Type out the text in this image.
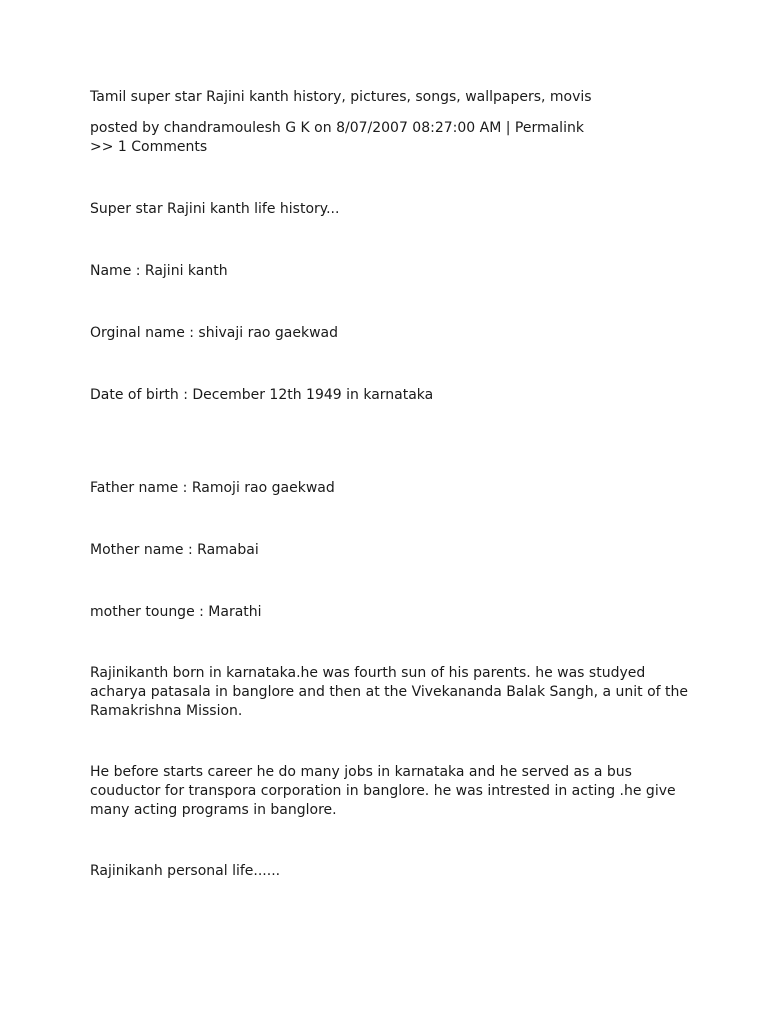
Tamil super star Rajini kanth history, pictures, songs, wallpapers, movis

posted by chandramoulesh G K on 8/07/2007 08:27:00 AM | Permalink

>> 1 Comments

Super star Rajini kanth life history...

Name : Rajini kanth

Orginal name : shivaji rao gaekwad

Date of birth : December 12th 1949 in karnataka

Father name : Ramoji rao gaekwad

Mother name : Ramabai

mother tounge : Marathi

Rajinikanth born in karnataka.he was fourth sun of his parents. he was studyed acharya patasala in banglore and then at the Vivekananda Balak Sangh, a unit of the Ramakrishna Mission.

He before starts career he do many jobs in karnataka and he served as a bus couductor for transpora corporation in banglore. he was intrested in acting .he give many acting programs in banglore.

Rajinikanh personal life......
